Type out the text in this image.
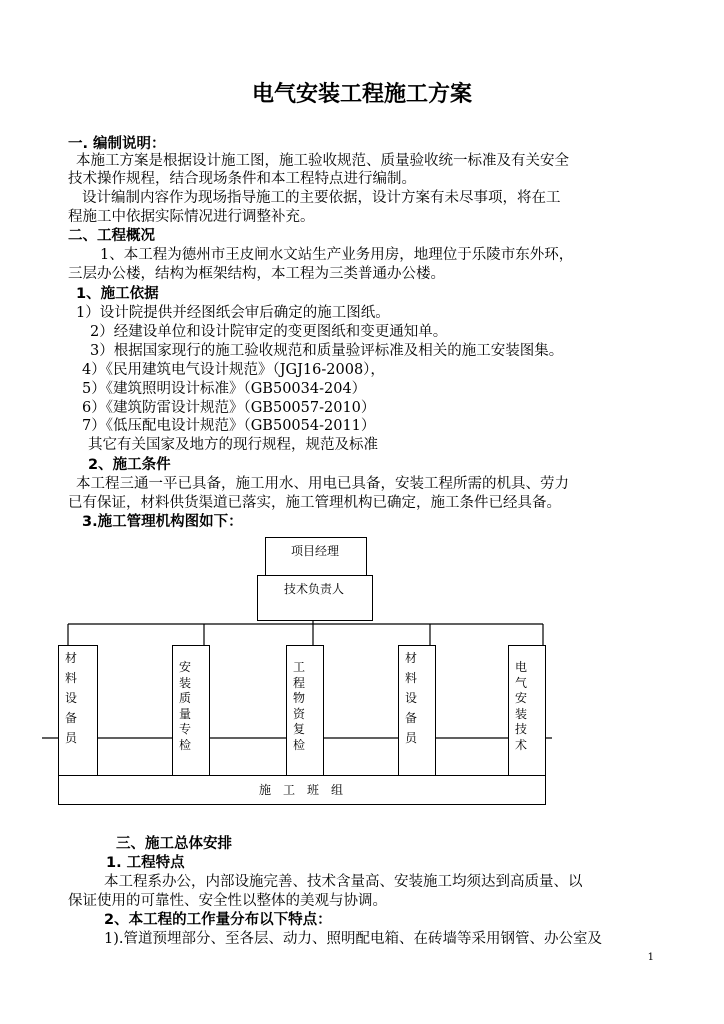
电气安装工程施工方案
一. 编制说明：
本施工方案是根据设计施工图，施工验收规范、质量验收统一标准及有关安全
技术操作规程，结合现场条件和本工程特点进行编制。
设计编制内容作为现场指导施工的主要依据，设计方案有未尽事项，将在工
程施工中依据实际情况进行调整补充。
二、工程概况
1、本工程为德州市王皮闸水文站生产业务用房，地理位于乐陵市东外环，
三层办公楼，结构为框架结构，本工程为三类普通办公楼。
1、施工依据
1）设计院提供并经图纸会审后确定的施工图纸。
2）经建设单位和设计院审定的变更图纸和变更通知单。
3）根据国家现行的施工验收规范和质量验评标准及相关的施工安装图集。
4）《民用建筑电气设计规范》（JGJ16-2008），
5）《建筑照明设计标准》（GB50034-204）
6）《建筑防雷设计规范》（GB50057-2010）
7）《低压配电设计规范》（GB50054-2011）
其它有关国家及地方的现行规程，规范及标准
2、施工条件
本工程三通一平已具备，施工用水、用电已具备，安装工程所需的机具、劳力
已有保证，材料供货渠道已落实，施工管理机构已确定，施工条件已经具备。
3.施工管理机构图如下：
项目经理
技术负责人
材料设备员
安装质量专检
工程物资复检
材料设备员
电气安装技术
施　工　班　组
三、施工总体安排
1. 工程特点
本工程系办公，内部设施完善、技术含量高、安装施工均须达到高质量、以
保证使用的可靠性、安全性以整体的美观与协调。
2、本工程的工作量分布以下特点：
1).管道预埋部分、至各层、动力、照明配电箱、在砖墙等采用钢管、办公室及
1
